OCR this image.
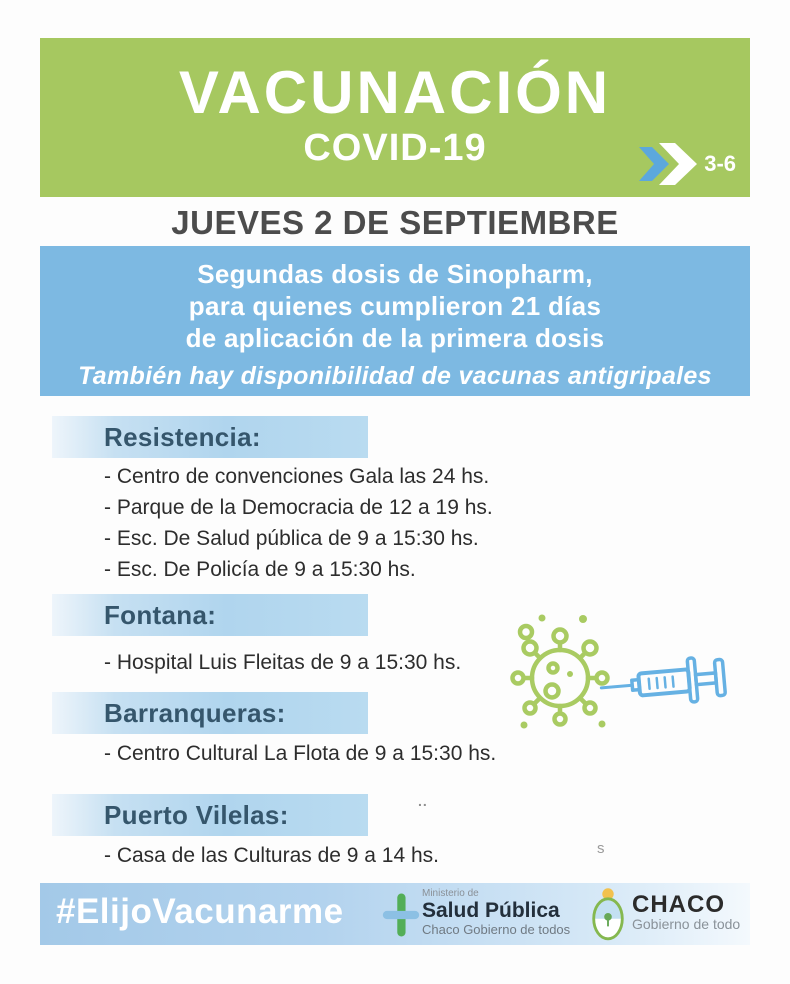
VACUNACIÓN
COVID-19	3-6
JUEVES 2 DE SEPTIEMBRE
Segundas dosis de Sinopharm,
para quienes cumplieron 21 días
de aplicación de la primera dosis
También hay disponibilidad de vacunas antigripales
Resistencia:
- Centro de convenciones Gala las 24 hs.
- Parque de la Democracia de 12 a 19 hs.
- Esc. De Salud pública de 9 a 15:30 hs.
- Esc. De Policía de 9 a 15:30 hs.
Fontana:
- Hospital Luis Fleitas de 9 a 15:30 hs.
Barranqueras:
- Centro Cultural La Flota de 9 a 15:30 hs.
Puerto Vilelas:
- Casa de las Culturas de 9 a 14 hs.
..
s
#ElijoVacunarme	Ministerio de
Salud Pública
Chaco Gobierno de todos
CHACO
Gobierno de todo
